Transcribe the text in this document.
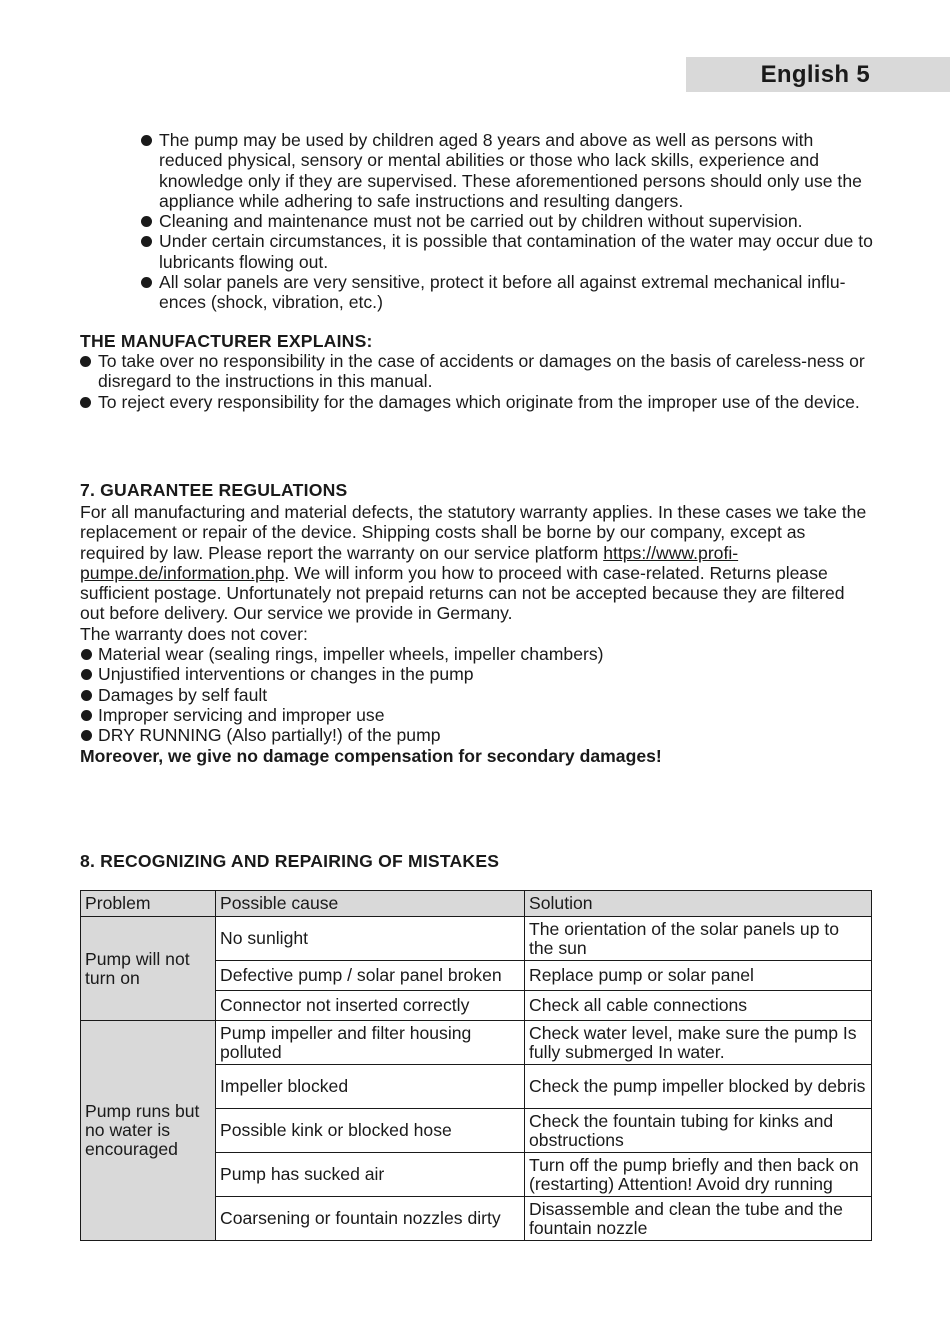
English 5
The pump may be used by children aged 8 years and above as well as persons with reduced physical, sensory or mental abilities or those who lack skills, experience and knowledge only if they are supervised. These aforementioned persons should only use the appliance while adhering to safe instructions and resulting dangers.
Cleaning and maintenance must not be carried out by children without supervision.
Under certain circumstances, it is possible that contamination of the water may occur due to lubricants flowing out.
All solar panels are very sensitive, protect it before all against extremal mechanical influ-ences (shock, vibration, etc.)
THE MANUFACTURER EXPLAINS:
To take over no responsibility in the case of accidents or damages on the basis of careless-ness or disregard to the instructions in this manual.
To reject every responsibility for the damages which originate from the improper use of the device.
7. GUARANTEE REGULATIONS

For all manufacturing and material defects, the statutory warranty applies. In these cases we take the replacement or repair of the device. Shipping costs shall be borne by our company, except as required by law. Please report the warranty on our service platform https://www.profi-pumpe.de/information.php. We will inform you how to proceed with case-related. Returns please sufficient postage. Unfortunately not prepaid returns can not be accepted because they are filtered out before delivery. Our service we provide in Germany.

The warranty does not cover:

Material wear (sealing rings, impeller wheels, impeller chambers)
Unjustified interventions or changes in the pump
Damages by self fault
Improper servicing and improper use
DRY RUNNING (Also partially!) of the pump

Moreover, we give no damage compensation for secondary damages!

8. RECOGNIZING AND REPAIRING OF MISTAKES
Problem	Possible cause	Solution
Pump will not turn on	No sunlight	The orientation of the solar panels up to the sun
	Defective pump / solar panel broken	Replace pump or solar panel
	Connector not inserted correctly	Check all cable connections
Pump runs but no water is encouraged	Pump impeller and filter housing polluted	Check water level, make sure the pump Is fully submerged In water.
	Impeller blocked	Check the pump impeller blocked by debris
	Possible kink or blocked hose	Check the fountain tubing for kinks and obstructions
	Pump has sucked air	Turn off the pump briefly and then back on (restarting) Attention! Avoid dry running
	Coarsening or fountain nozzles dirty	Disassemble and clean the tube and the fountain nozzle
